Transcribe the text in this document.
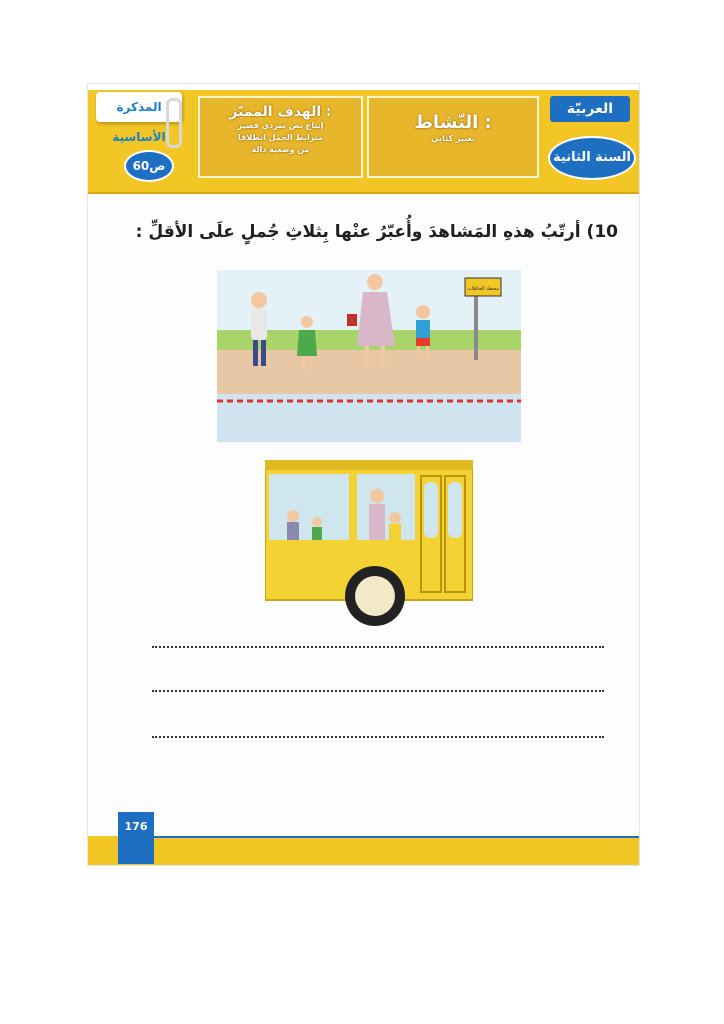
المذكرة الأساسية
ص60
الهدف المميّز :
إنتاج نص سردي قصير
مترابط الجمل انطلاقا
من وضعية دالة
النّشاط :
تعبير كتابي
العربيّة
السنة الثانية
10) أرتّبُ هذهِ المَشاهدَ وأُعبّرُ عنْها بِثلاثِ جُملٍ علَى الأقلِّ :
محطة الحافلات
176
